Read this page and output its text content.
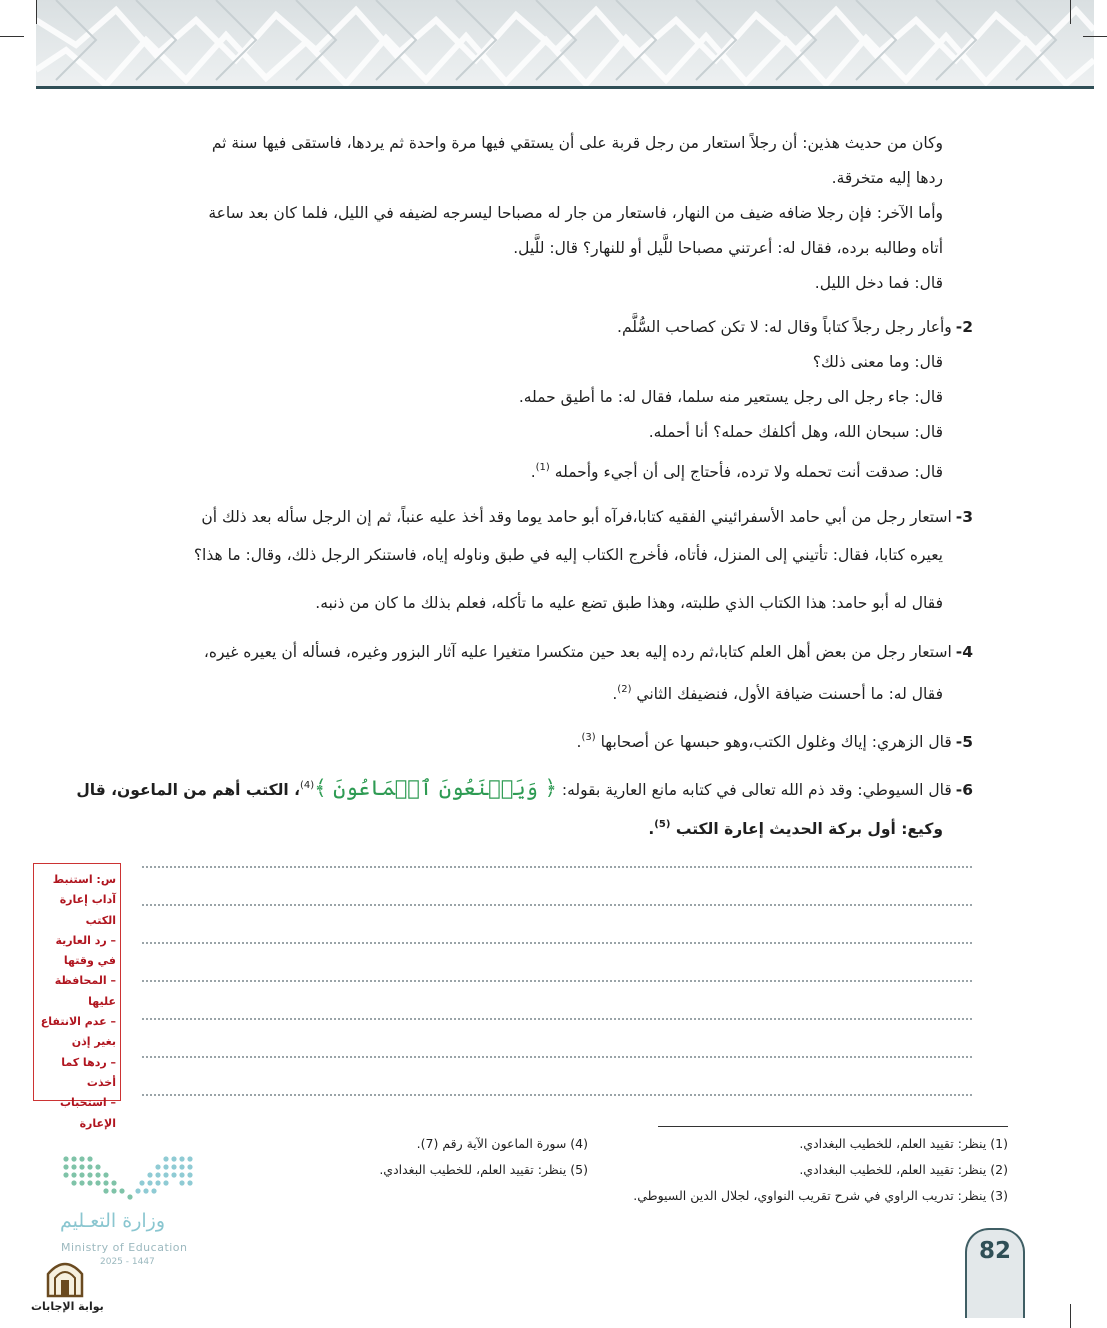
وكان من حديث هذين: أن رجلاً استعار من رجل قربة على أن يستقي فيها مرة واحدة ثم يردها، فاستقى فيها سنة ثم
ردها إليه متخرقة.
وأما الآخر: فإن رجلا ضافه ضيف من النهار، فاستعار من جار له مصباحا ليسرجه لضيفه في الليل، فلما كان بعد ساعة
أتاه وطالبه برده، فقال له: أعرتني مصباحا للَّيل أو للنهار؟ قال: للَّيل.
قال: فما دخل الليل.
2-وأعار رجل رجلاً كتاباً وقال له: لا تكن كصاحب السُّلَّم.
قال: وما معنى ذلك؟
قال: جاء رجل الى رجل يستعير منه سلما، فقال له: ما أطيق حمله.
قال: سبحان الله، وهل أكلفك حمله؟ أنا أحمله.
قال: صدقت أنت تحمله ولا ترده، فأحتاج إلى أن أجيء وأحمله $^{(1)}$.
3-استعار رجل من أبي حامد الأسفرائيني الفقيه كتابا،فرآه أبو حامد يوما وقد أخذ عليه عنباً، ثم إن الرجل سأله بعد ذلك أن
يعيره كتابا، فقال: تأتيني إلى المنزل، فأتاه، فأخرج الكتاب إليه في طبق وناوله إياه، فاستنكر الرجل ذلك، وقال: ما هذا؟
فقال له أبو حامد: هذا الكتاب الذي طلبته، وهذا طبق تضع عليه ما تأكله، فعلم بذلك ما كان من ذنبه.
4-استعار رجل من بعض أهل العلم كتابا،ثم رده إليه بعد حين متكسرا متغيرا عليه آثار البزور وغيره، فسأله أن يعيره غيره،
فقال له: ما أحسنت ضيافة الأول، فنضيفك الثاني $^{(2)}$.
5-قال الزهري: إياك وغلول الكتب،وهو حبسها عن أصحابها $^{(3)}$.
6-قال السيوطي: وقد ذم الله تعالى في كتابه مانع العارية بقوله: ﴿ وَيَمۡنَعُونَ ٱلۡمَاعُونَ ﴾$^{(4)}$، الكتب أهم من الماعون، قال
وكيع: أول بركة الحديث إعارة الكتب $^{(5)}$.
س: استنبط آداب إعارة الكتب
– رد العارية في وقتها
– المحافظة عليها
– عدم الانتفاع بغير إذن
– ردها كما أخذت
– استحباب الإعارة
(1) ينظر: تقييد العلم، للخطيب البغدادي.
(2) ينظر: تقييد العلم، للخطيب البغدادي.
(3) ينظر: تدريب الراوي في شرح تقريب النواوي، لجلال الدين السيوطي.
(4) سورة الماعون الآية رقم (7).
(5) ينظر: تقييد العلم، للخطيب البغدادي.
وزارة التعـليم
Ministry of Education
2025 - 1447
بوابة الإجابات
82
